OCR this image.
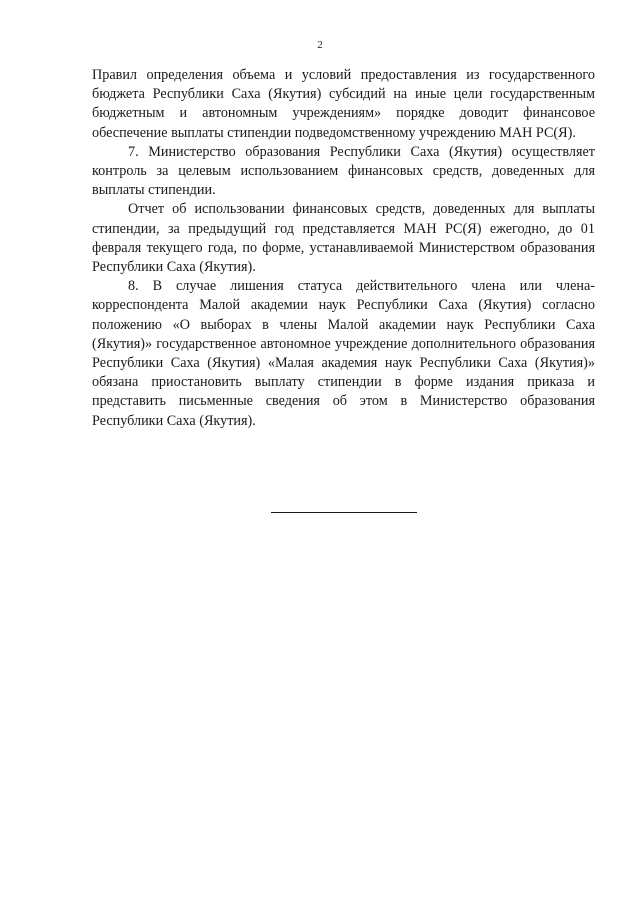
2

Правил определения объема и условий предоставления из государственного бюджета Республики Саха (Якутия) субсидий на иные цели государственным бюджетным и автономным учреждениям» порядке доводит финансовое обеспечение выплаты стипендии подведомственному учреждению МАН РС(Я).

7. Министерство образования Республики Саха (Якутия) осуществляет контроль за целевым использованием финансовых средств, доведенных для выплаты стипендии.

Отчет об использовании финансовых средств, доведенных для выплаты стипендии, за предыдущий год представляется МАН РС(Я) ежегодно, до 01 февраля текущего года, по форме, устанавливаемой Министерством образования Республики Саха (Якутия).

8. В случае лишения статуса действительного члена или члена-корреспондента Малой академии наук Республики Саха (Якутия) согласно положению «О выборах в члены Малой академии наук Республики Саха (Якутия)» государственное автономное учреждение дополнительного образования Республики Саха (Якутия) «Малая академия наук Республики Саха (Якутия)» обязана приостановить выплату стипендии в форме издания приказа и представить письменные сведения об этом в Министерство образования Республики Саха (Якутия).
